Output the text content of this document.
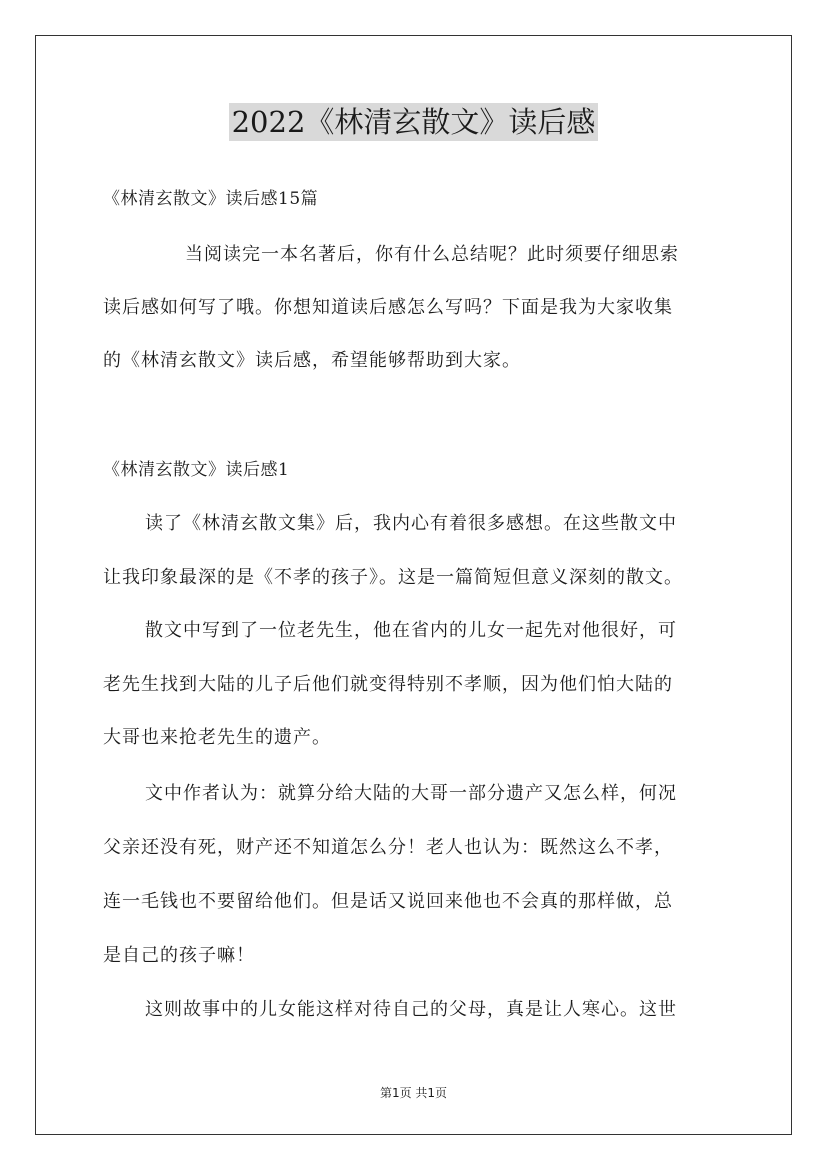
2022《林清玄散文》读后感
《林清玄散文》读后感15篇
当阅读完一本名著后，你有什么总结呢？此时须要仔细思索
读后感如何写了哦。你想知道读后感怎么写吗？下面是我为大家收集
的《林清玄散文》读后感，希望能够帮助到大家。
《林清玄散文》读后感1
读了《林清玄散文集》后，我内心有着很多感想。在这些散文中
让我印象最深的是《不孝的孩子》。这是一篇简短但意义深刻的散文。
散文中写到了一位老先生，他在省内的儿女一起先对他很好，可
老先生找到大陆的儿子后他们就变得特别不孝顺，因为他们怕大陆的
大哥也来抢老先生的遗产。
文中作者认为：就算分给大陆的大哥一部分遗产又怎么样，何况
父亲还没有死，财产还不知道怎么分！老人也认为：既然这么不孝，
连一毛钱也不要留给他们。但是话又说回来他也不会真的那样做，总
是自己的孩子嘛！
这则故事中的儿女能这样对待自己的父母，真是让人寒心。这世
第1页 共1页
